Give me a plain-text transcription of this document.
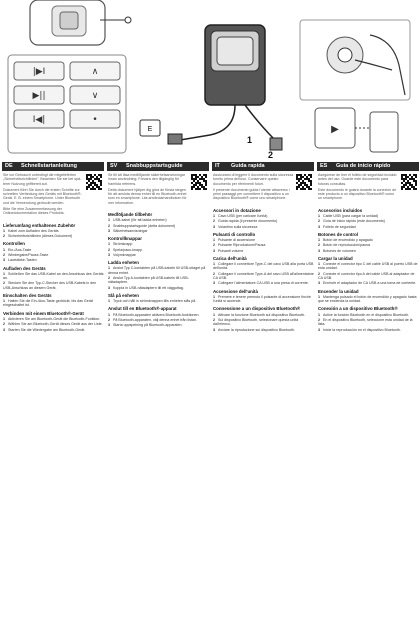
|▶I
▶||
I◀|
∧
∨
•
1
2
E	▶
DE Schnellstartanleitung

Sie vor Gebrauch unbedingt die mitgelieferten „Sicherheitsrichtlinien". Beachten Sie sie bei späterer Nutzung griffbereit auf.

Dokument führt Sie durch die ersten Schritte zur schnellen Verbindung des Geräts mit Bluetooth®-Gerät. E. B. einem Smartphone. Unter Bluetooth und die Verwendung gedruckt werden.

Bitte Sie eine Zusammenfassung der Onlinedokumentation dieses Produkts.

Lieferumfang enthaltenes Zubehör
1 Kabel zum Aufladen des Geräts
2 Sicherheitsrichtlinien (dieses Dokument)
Kontrollen
1 Ein-/Aus-Taste
2 Wiedergabe/Pause-Taste
3 Lautstärke-Tasten
Aufladen des Geräts
1 Schließen Sie das USB-Kabel an den Anschluss des Geräts an.
2 Stecken Sie den Typ-C-Stecker des USB-Kabels in den USB-Anschluss an diesem Gerät.
Einschalten des Geräts
1 Halten Sie die Ein-/Aus-Taste gedrückt, bis das Gerät eingeschaltet ist.
Verbinden mit einem Bluetooth®-Gerät
1 Aktivieren Sie am Bluetooth-Gerät die Bluetooth-Funktion.
2 Wählen Sie am Bluetooth-Gerät dieses Gerät aus der Liste.
3 Starten Sie die Wiedergabe am Bluetooth-Gerät.
SV Snabbuppstartsguide

Se till att läsa medföljande säkerhetsanvisningar innan användning. Förvara den tillgänglig för framtida referens.

Detta dokument hjälper dig göra de första stegen för att ansluta denna enhet till en Bluetooth-enhet som en smartphone. Läs användarhandboken för mer information.

Medföljande tillbehör
1 USB-kabel (för att ladda enheten)
2 Snabbuppstartsguide (detta dokument)
3 Säkerhetsanvisningar
Kontrollknappar
1 Strömknapp
2 Spela/paus-knapp
3 Volymknappar
Ladda enheten
1 Anslut Typ C-kontakten på USB-kabeln till USB-uttaget på denna enhet.
2 Anslut Typ A-kontakten på USB-kabeln till USB-nätadaptern.
3 Koppla in USB-nätadaptern till ett vägguttag.
Slå på enheten
1 Tryck och håll in strömknappen tills enheten slås på.
Anslut till en Bluetooth®-apparat
1 På Bluetooth-apparaten aktivera Bluetooth-funktionen.
2 På Bluetooth-apparaten, välj denna enhet från listan.
3 Starta uppspelning på Bluetooth-apparaten.
IT Guida rapida

Assicurarsi di leggere il documento sulla sicurezza fornito prima dell'uso. Conservare questo documento per riferimenti futuri.

Il presente documento guida l'utente attraverso i primi passaggi per connettere il dispositivo a un dispositivo Bluetooth® come uno smartphone.

Accessori in dotazione
1 Cavo USB (per caricare l'unità)
2 Guida rapida (il presente documento)
3 Volantino sulla sicurezza
Pulsanti di controllo
1 Pulsante di accensione
2 Pulsante Riproduzione/Pausa
3 Pulsanti volume
Carica dell'unità
1 Collegare il connettore Type-C del cavo USB alla porta USB dell'unità.
2 Collegare il connettore Type-A del cavo USB all'alimentatore CA USB.
3 Collegare l'alimentatore CA USB a una presa di corrente.
Accensione dell'unità
1 Premere e tenere premuto il pulsante di accensione finché l'unità si accende.
Connessione a un dispositivo Bluetooth®
1 Attivare la funzione Bluetooth sul dispositivo Bluetooth.
2 Sul dispositivo Bluetooth, selezionare questa unità dall'elenco.
3 Avviare la riproduzione sul dispositivo Bluetooth.
ES Guía de inicio rápido

Asegúrese de leer el folleto de seguridad incluido antes del uso. Guarde este documento para futuras consultas.

Este documento le guiará durante la conexión de este producto a un dispositivo Bluetooth® como un smartphone.

Accesorios incluidos
1 Cable USB (para cargar la unidad)
2 Guía de inicio rápido (este documento)
3 Folleto de seguridad
Botones de control
1 Botón de encendido y apagado
2 Botón de reproducción/pausa
3 Botones de volumen
Cargar la unidad
1 Conecte el conector tipo C del cable USB al puerto USB de esta unidad.
2 Conecte el conector tipo A del cable USB al adaptador de CA USB.
3 Enchufe el adaptador de CA USB a una toma de corriente.
Encender la unidad
1 Mantenga pulsado el botón de encendido y apagado hasta que se encienda la unidad.
Conexión a un dispositivo Bluetooth®
1 Active la función Bluetooth en el dispositivo Bluetooth.
2 En el dispositivo Bluetooth, seleccione esta unidad de la lista.
3 Inicie la reproducción en el dispositivo Bluetooth.
